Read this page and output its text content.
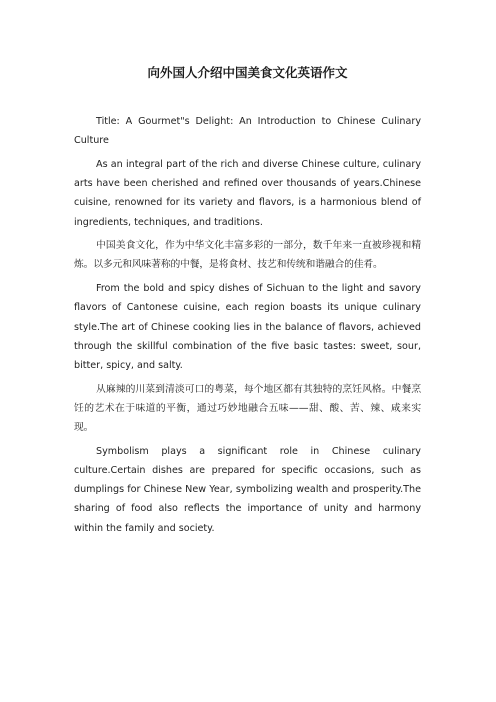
向外国人介绍中国美食文化英语作文

Title: A Gourmet"s Delight: An Introduction to Chinese Culinary Culture

As an integral part of the rich and diverse Chinese culture, culinary arts have been cherished and refined over thousands of years.Chinese cuisine, renowned for its variety and flavors, is a harmonious blend of ingredients, techniques, and traditions.

中国美食文化，作为中华文化丰富多彩的一部分，数千年来一直被珍视和精炼。以多元和风味著称的中餐，是将食材、技艺和传统和谐融合的佳肴。

From the bold and spicy dishes of Sichuan to the light and savory flavors of Cantonese cuisine, each region boasts its unique culinary style.The art of Chinese cooking lies in the balance of flavors, achieved through the skillful combination of the five basic tastes: sweet, sour, bitter, spicy, and salty.

从麻辣的川菜到清淡可口的粤菜，每个地区都有其独特的烹饪风格。中餐烹饪的艺术在于味道的平衡，通过巧妙地融合五味——甜、酸、苦、辣、咸来实现。

Symbolism plays a significant role in Chinese culinary culture.Certain dishes are prepared for specific occasions, such as dumplings for Chinese New Year, symbolizing wealth and prosperity.The sharing of food also reflects the importance of unity and harmony within the family and society.
